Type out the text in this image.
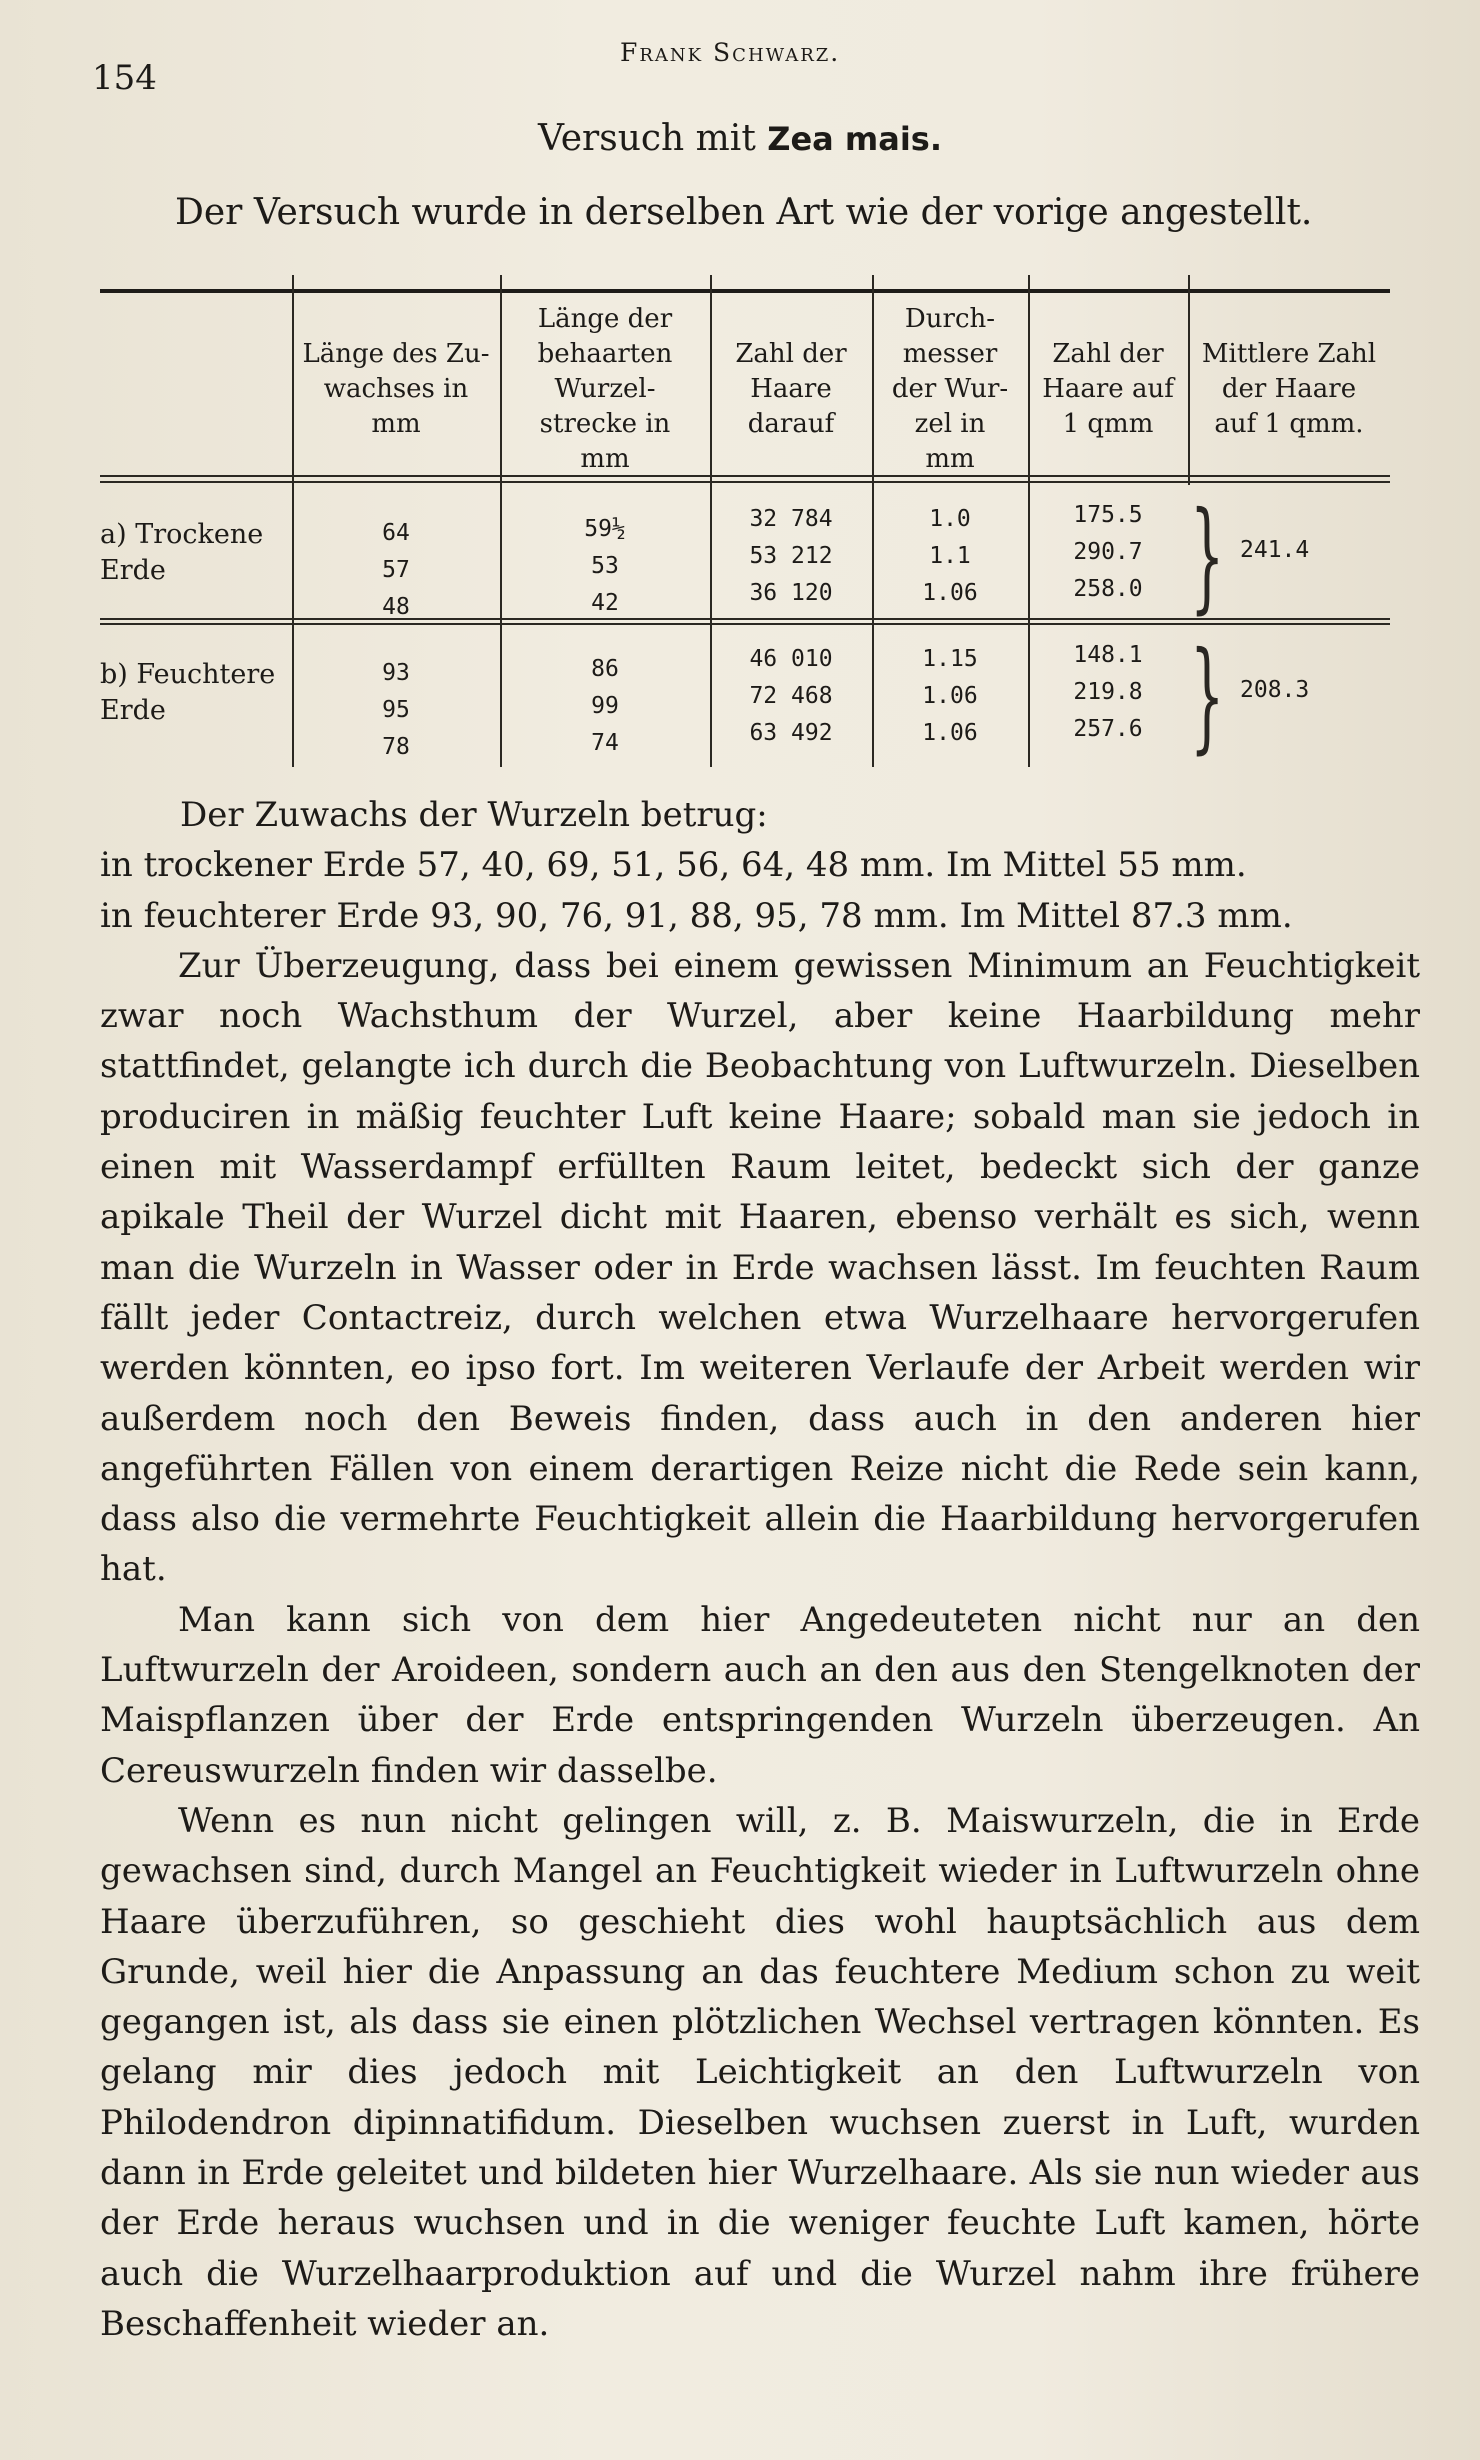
154
Frank Schwarz.
Versuch mit Zea mais.
Der Versuch wurde in derselben Art wie der vorige angestellt.
Länge des Zu-
wachses in
mm
Länge der
behaarten
Wurzel-
strecke in
mm
Zahl der
Haare
darauf
Durch-
messer
der Wur-
zel in
mm
Zahl der
Haare auf
1 qmm
Mittlere Zahl
der Haare
auf 1 qmm.
a) Trockene
Erde
64
57
48
59½
53
42
32 784
53 212
36 120
1.0
1.1
1.06
175.5
290.7
258.0 } 241.4
b) Feuchtere
Erde
93
95
78
86
99
74
46 010
72 468
63 492
1.15
1.06
1.06
148.1
219.8
257.6 } 208.3

Der Zuwachs der Wurzeln betrug:

in trockener Erde 57, 40, 69, 51, 56, 64, 48 mm. Im Mittel 55 mm.

in feuchterer Erde 93, 90, 76, 91, 88, 95, 78 mm. Im Mittel 87.3 mm.

Zur Überzeugung, dass bei einem gewissen Minimum an Feuchtigkeit zwar noch Wachsthum der Wurzel, aber keine Haarbildung mehr stattfindet, gelangte ich durch die Beobachtung von Luftwurzeln. Dieselben produciren in mäßig feuchter Luft keine Haare; sobald man sie jedoch in einen mit Wasserdampf erfüllten Raum leitet, bedeckt sich der ganze apikale Theil der Wurzel dicht mit Haaren, ebenso verhält es sich, wenn man die Wurzeln in Wasser oder in Erde wachsen lässt. Im feuchten Raum fällt jeder Contactreiz, durch welchen etwa Wurzelhaare hervorgerufen werden könnten, eo ipso fort. Im weiteren Verlaufe der Arbeit werden wir außerdem noch den Beweis finden, dass auch in den anderen hier angeführten Fällen von einem derartigen Reize nicht die Rede sein kann, dass also die vermehrte Feuchtigkeit allein die Haarbildung hervorgerufen hat.

Man kann sich von dem hier Angedeuteten nicht nur an den Luftwurzeln der Aroideen, sondern auch an den aus den Stengelknoten der Maispflanzen über der Erde entspringenden Wurzeln überzeugen. An Cereuswurzeln finden wir dasselbe.

Wenn es nun nicht gelingen will, z. B. Maiswurzeln, die in Erde gewachsen sind, durch Mangel an Feuchtigkeit wieder in Luftwurzeln ohne Haare überzuführen, so geschieht dies wohl hauptsächlich aus dem Grunde, weil hier die Anpassung an das feuchtere Medium schon zu weit gegangen ist, als dass sie einen plötzlichen Wechsel vertragen könnten. Es gelang mir dies jedoch mit Leichtigkeit an den Luftwurzeln von Philodendron dipinnatifidum. Dieselben wuchsen zuerst in Luft, wurden dann in Erde geleitet und bildeten hier Wurzelhaare. Als sie nun wieder aus der Erde heraus wuchsen und in die weniger feuchte Luft kamen, hörte auch die Wurzelhaarproduktion auf und die Wurzel nahm ihre frühere Beschaffenheit wieder an.
